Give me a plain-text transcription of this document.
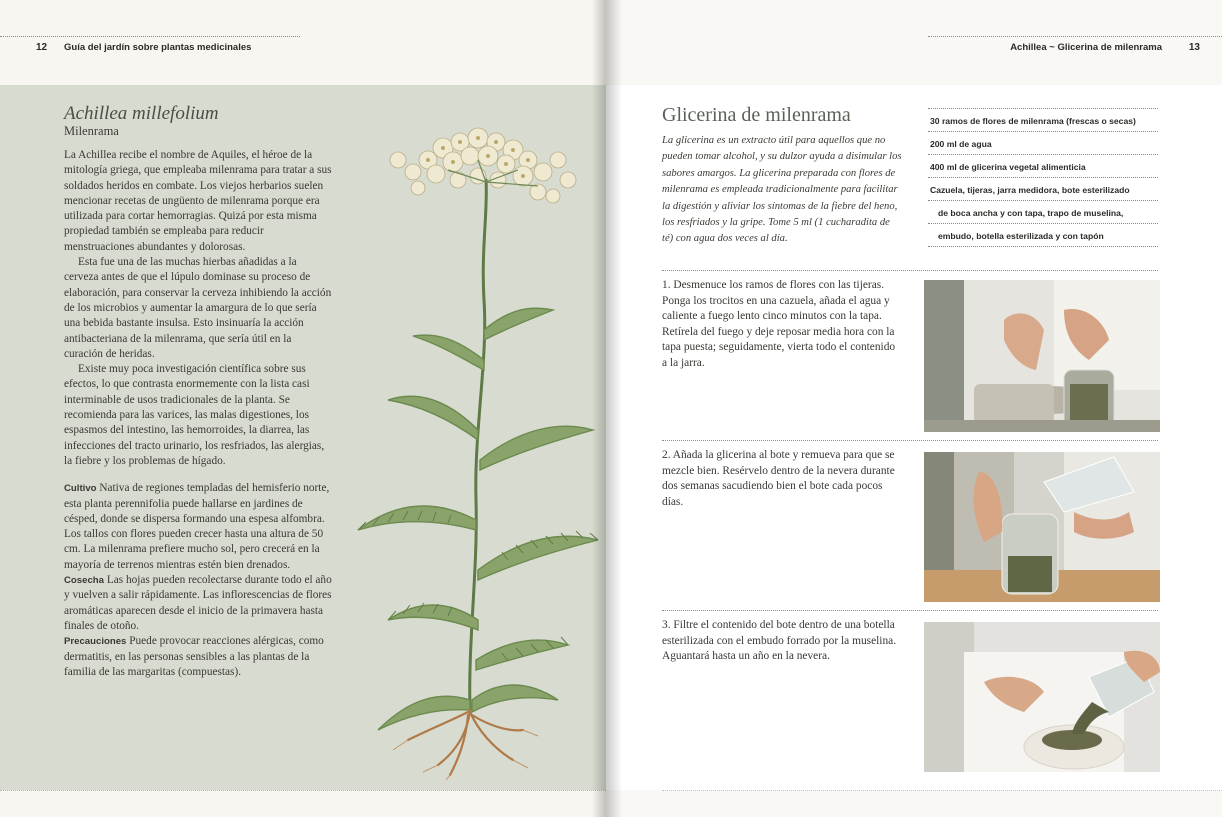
12 Guía del jardín sobre plantas medicinales
Achillea millefolium
Milenrama

La Achillea recibe el nombre de Aquiles, el héroe de la mitología griega, que empleaba milenrama para tratar a sus soldados heridos en combate. Los viejos herbarios suelen mencionar recetas de ungüento de milenrama porque era utilizada para cortar hemorragias. Quizá por esta misma propiedad también se empleaba para reducir menstruaciones abundantes y dolorosas.

Esta fue una de las muchas hierbas añadidas a la cerveza antes de que el lúpulo dominase su proceso de elaboración, para conservar la cerveza inhibiendo la acción de los microbios y aumentar la amargura de lo que sería una bebida bastante insulsa. Esto insinuaría la acción antibacteriana de la milenrama, que sería útil en la curación de heridas.

Existe muy poca investigación científica sobre sus efectos, lo que contrasta enormemente con la lista casi interminable de usos tradicionales de la planta. Se recomienda para las varices, las malas digestiones, los espasmos del intestino, las hemorroides, la diarrea, las infecciones del tracto urinario, los resfriados, las alergias, la fiebre y los problemas de hígado.

Cultivo Nativa de regiones templadas del hemisferio norte, esta planta perennifolia puede hallarse en jardines de césped, donde se dispersa formando una espesa alfombra. Los tallos con flores pueden crecer hasta una altura de 50 cm. La milenrama prefiere mucho sol, pero crecerá en la mayoría de terrenos mientras estén bien drenados.

Cosecha Las hojas pueden recolectarse durante todo el año y vuelven a salir rápidamente. Las inflorescencias de flores aromáticas aparecen desde el inicio de la primavera hasta finales de otoño.

Precauciones Puede provocar reacciones alérgicas, como dermatitis, en las personas sensibles a las plantas de la familia de las margaritas (compuestas).

Achillea ~ Glicerina de milenrama	13
Glicerina de milenrama
La glicerina es un extracto útil para aquellos que no pueden tomar alcohol, y su dulzor ayuda a disimular los sabores amargos. La glicerina preparada con flores de milenrama es empleada tradicionalmente para facilitar la digestión y aliviar los síntomas de la fiebre del heno, los resfriados y la gripe. Tome 5 ml (1 cucharadita de té) con agua dos veces al día.
30 ramos de flores de milenrama (frescas o secas)
200 ml de agua
400 ml de glicerina vegetal alimenticia
Cazuela, tijeras, jarra medidora, bote esterilizado
de boca ancha y con tapa, trapo de muselina,
embudo, botella esterilizada y con tapón
1. Desmenuce los ramos de flores con las tijeras. Ponga los trocitos en una cazuela, añada el agua y caliente a fuego lento cinco minutos con la tapa. Retírela del fuego y deje reposar media hora con la tapa puesta; seguidamente, vierta todo el contenido a la jarra.
2. Añada la glicerina al bote y remueva para que se mezcle bien. Resérvelo dentro de la nevera durante dos semanas sacudiendo bien el bote cada pocos días.
3. Filtre el contenido del bote dentro de una botella esterilizada con el embudo forrado por la muselina. Aguantará hasta un año en la nevera.
